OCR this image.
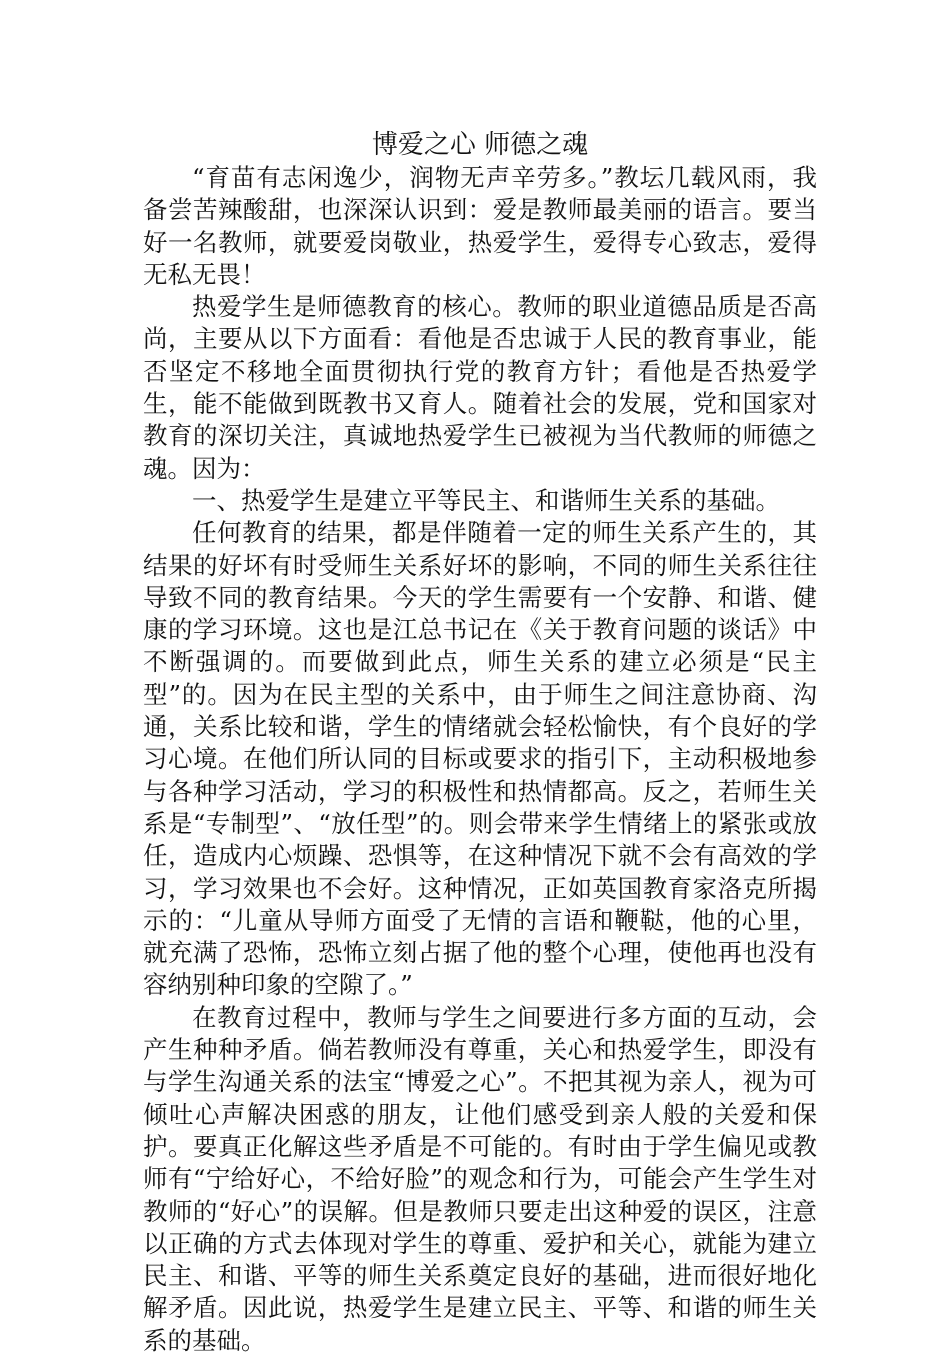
博爱之心 师德之魂

“育苗有志闲逸少，润物无声辛劳多。”教坛几载风雨，我备尝苦辣酸甜，也深深认识到：爱是教师最美丽的语言。要当好一名教师，就要爱岗敬业，热爱学生，爱得专心致志，爱得无私无畏！

热爱学生是师德教育的核心。教师的职业道德品质是否高尚，主要从以下方面看：看他是否忠诚于人民的教育事业，能否坚定不移地全面贯彻执行党的教育方针；看他是否热爱学生，能不能做到既教书又育人。随着社会的发展，党和国家对教育的深切关注，真诚地热爱学生已被视为当代教师的师德之魂。因为：

一、热爱学生是建立平等民主、和谐师生关系的基础。

任何教育的结果，都是伴随着一定的师生关系产生的，其结果的好坏有时受师生关系好坏的影响，不同的师生关系往往导致不同的教育结果。今天的学生需要有一个安静、和谐、健康的学习环境。这也是江总书记在《关于教育问题的谈话》中不断强调的。而要做到此点，师生关系的建立必须是“民主型”的。因为在民主型的关系中，由于师生之间注意协商、沟通，关系比较和谐，学生的情绪就会轻松愉快，有个良好的学习心境。在他们所认同的目标或要求的指引下，主动积极地参与各种学习活动，学习的积极性和热情都高。反之，若师生关系是“专制型”、“放任型”的。则会带来学生情绪上的紧张或放任，造成内心烦躁、恐惧等，在这种情况下就不会有高效的学习，学习效果也不会好。这种情况，正如英国教育家洛克所揭示的：“儿童从导师方面受了无情的言语和鞭鞑，他的心里，就充满了恐怖，恐怖立刻占据了他的整个心理，使他再也没有容纳别种印象的空隙了。”

在教育过程中，教师与学生之间要进行多方面的互动，会产生种种矛盾。倘若教师没有尊重，关心和热爱学生，即没有与学生沟通关系的法宝“博爱之心”。不把其视为亲人，视为可倾吐心声解决困惑的朋友，让他们感受到亲人般的关爱和保护。要真正化解这些矛盾是不可能的。有时由于学生偏见或教师有“宁给好心，不给好脸”的观念和行为，可能会产生学生对教师的“好心”的误解。但是教师只要走出这种爱的误区，注意以正确的方式去体现对学生的尊重、爱护和关心，就能为建立民主、和谐、平等的师生关系奠定良好的基础，进而很好地化解矛盾。因此说，热爱学生是建立民主、平等、和谐的师生关系的基础。
